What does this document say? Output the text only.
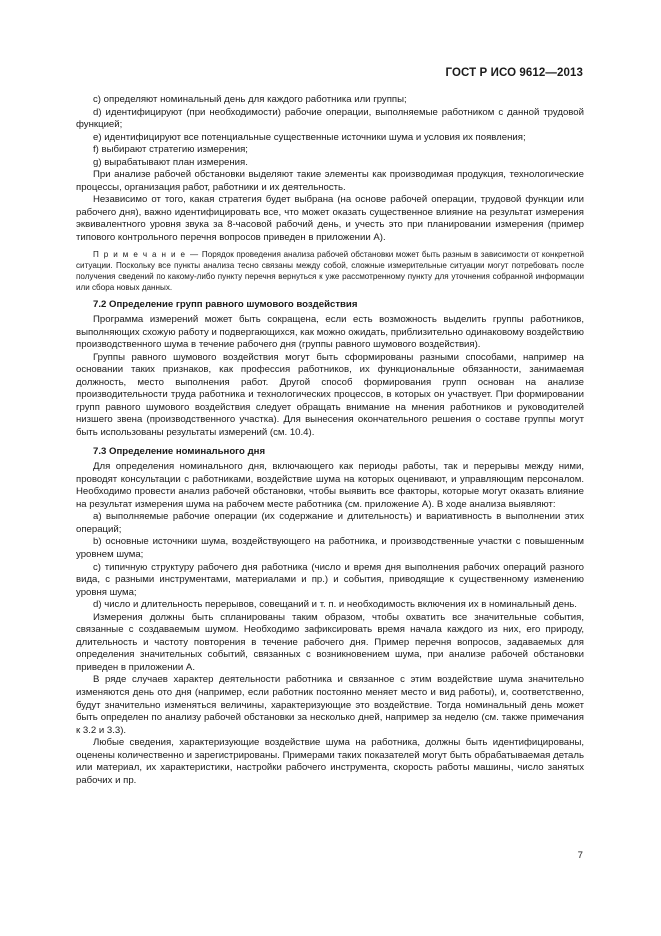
ГОСТ Р ИСО 9612—2013

c) определяют номинальный день для каждого работника или группы;

d) идентифицируют (при необходимости) рабочие операции, выполняемые работником с данной трудовой функцией;

e) идентифицируют все потенциальные существенные источники шума и условия их появления;

f) выбирают стратегию измерения;

g) вырабатывают план измерения.

При анализе рабочей обстановки выделяют такие элементы как производимая продукция, технологические процессы, организация работ, работники и их деятельность.

Независимо от того, какая стратегия будет выбрана (на основе рабочей операции, трудовой функции или рабочего дня), важно идентифицировать все, что может оказать существенное влияние на результат измерения эквивалентного уровня звука за 8-часовой рабочий день, и учесть это при планировании измерения (пример типового контрольного перечня вопросов приведен в приложении А).

П р и м е ч а н и е — Порядок проведения анализа рабочей обстановки может быть разным в зависимости от конкретной ситуации. Поскольку все пункты анализа тесно связаны между собой, сложные измерительные ситуации могут потребовать после получения сведений по какому-либо пункту перечня вернуться к уже рассмотренному пункту для уточнения собранной информации или сбора новых данных.

7.2 Определение групп равного шумового воздействия

Программа измерений может быть сокращена, если есть возможность выделить группы работников, выполняющих схожую работу и подвергающихся, как можно ожидать, приблизительно одинаковому воздействию производственного шума в течение рабочего дня (группы равного шумового воздействия).

Группы равного шумового воздействия могут быть сформированы разными способами, например на основании таких признаков, как профессия работников, их функциональные обязанности, занимаемая должность, место выполнения работ. Другой способ формирования групп основан на анализе производительности труда работника и технологических процессов, в которых он участвует. При формировании групп равного шумового воздействия следует обращать внимание на мнения работников и руководителей низшего звена (производственного участка). Для вынесения окончательного решения о составе группы могут быть использованы результаты измерений (см. 10.4).

7.3 Определение номинального дня

Для определения номинального дня, включающего как периоды работы, так и перерывы между ними, проводят консультации с работниками, воздействие шума на которых оценивают, и управляющим персоналом. Необходимо провести анализ рабочей обстановки, чтобы выявить все факторы, которые могут оказать влияние на результат измерения шума на рабочем месте работника (см. приложение А). В ходе анализа выявляют:

a) выполняемые рабочие операции (их содержание и длительность) и вариативность в выполнении этих операций;

b) основные источники шума, воздействующего на работника, и производственные участки с повышенным уровнем шума;

c) типичную структуру рабочего дня работника (число и время дня выполнения рабочих операций разного вида, с разными инструментами, материалами и пр.) и события, приводящие к существенному изменению уровня шума;

d) число и длительность перерывов, совещаний и т. п. и необходимость включения их в номинальный день.

Измерения должны быть спланированы таким образом, чтобы охватить все значительные события, связанные с создаваемым шумом. Необходимо зафиксировать время начала каждого из них, его природу, длительность и частоту повторения в течение рабочего дня. Пример перечня вопросов, задаваемых для определения значительных событий, связанных с возникновением шума, при анализе рабочей обстановки приведен в приложении А.

В ряде случаев характер деятельности работника и связанное с этим воздействие шума значительно изменяются день ото дня (например, если работник постоянно меняет место и вид работы), и, соответственно, будут значительно изменяться величины, характеризующие это воздействие. Тогда номинальный день может быть определен по анализу рабочей обстановки за несколько дней, например за неделю (см. также примечания к 3.2 и 3.3).

Любые сведения, характеризующие воздействие шума на работника, должны быть идентифицированы, оценены количественно и зарегистрированы. Примерами таких показателей могут быть обрабатываемая деталь или материал, их характеристики, настройки рабочего инструмента, скорость работы машины, число занятых рабочих и пр.

7
